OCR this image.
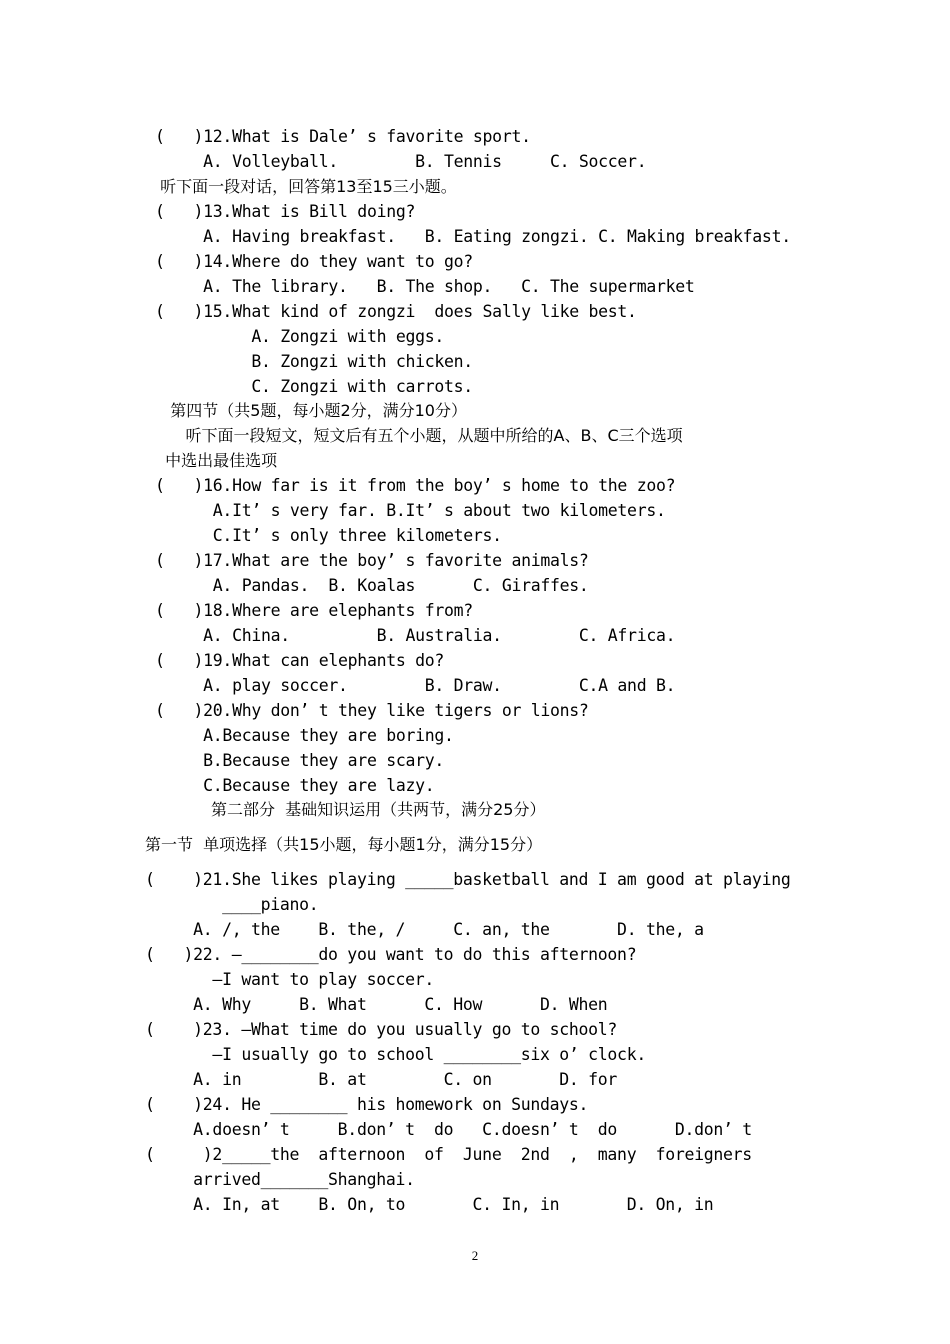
(   )12.What is Dale’ s favorite sport.
A. Volleyball.        B. Tennis     C. Soccer.
听下面一段对话，回答第13至15三小题。
(   )13.What is Bill doing?
A. Having breakfast.   B. Eating zongzi. C. Making breakfast.
(   )14.Where do they want to go?
A. The library.   B. The shop.   C. The supermarket
(   )15.What kind of zongzi  does Sally like best.
A. Zongzi with eggs.
B. Zongzi with chicken.
C. Zongzi with carrots.
第四节（共5题，每小题2分，满分10分）
听下面一段短文，短文后有五个小题，从题中所给的A、B、C三个选项
中选出最佳选项
(   )16.How far is it from the boy’ s home to the zoo?
A.It’ s very far. B.It’ s about two kilometers.
C.It’ s only three kilometers.
(   )17.What are the boy’ s favorite animals?
A. Pandas.  B. Koalas      C. Giraffes.
(   )18.Where are elephants from?
A. China.         B. Australia.        C. Africa.
(   )19.What can elephants do?
A. play soccer.        B. Draw.        C.A and B.
(   )20.Why don’ t they like tigers or lions?
A.Because they are boring.
B.Because they are scary.
C.Because they are lazy.
第二部分  基础知识运用（共两节，满分25分）
第一节  单项选择（共15小题，每小题1分，满分15分）
(    )21.She likes playing _____basketball and I am good at playing
____piano.
A. /, the    B. the, /     C. an, the       D. the, a
(   )22. —________do you want to do this afternoon?
—I want to play soccer.
A. Why     B. What      C. How      D. When
(    )23. —What time do you usually go to school?
—I usually go to school ________six o’ clock.
A. in        B. at        C. on       D. for
(    )24. He ________ his homework on Sundays.
A.doesn’ t     B.don’ t  do   C.doesn’ t  do      D.don’ t
(     )2_____the  afternoon  of  June  2nd  ,  many  foreigners
arrived_______Shanghai.
A. In, at    B. On, to       C. In, in       D. On, in
2
